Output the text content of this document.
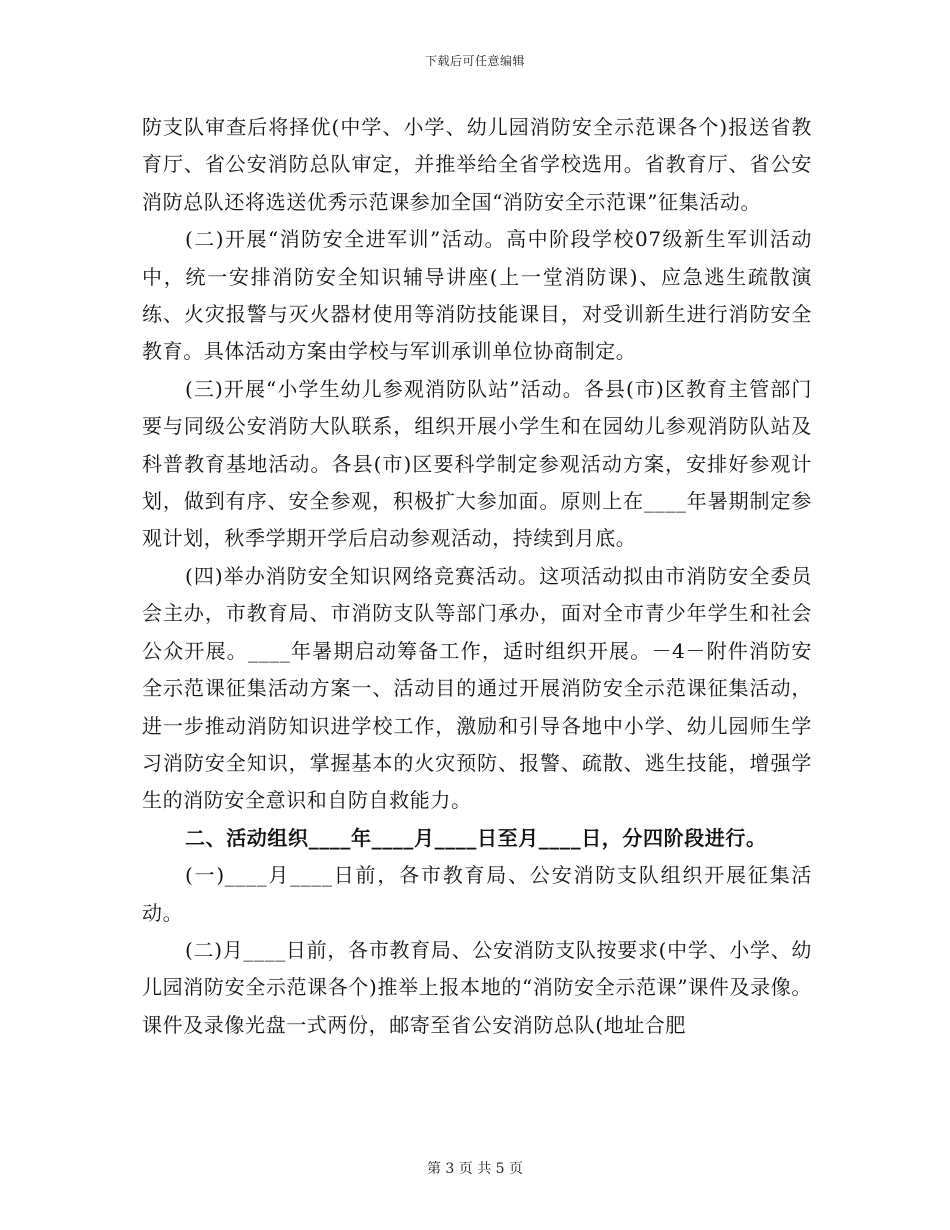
下载后可任意编辑

防支队审查后将择优(中学、小学、幼儿园消防安全示范课各个)报送省教育厅、省公安消防总队审定，并推举给全省学校选用。省教育厅、省公安消防总队还将选送优秀示范课参加全国“消防安全示范课”征集活动。

(二)开展“消防安全进军训”活动。高中阶段学校07级新生军训活动中，统一安排消防安全知识辅导讲座(上一堂消防课)、应急逃生疏散演练、火灾报警与灭火器材使用等消防技能课目，对受训新生进行消防安全教育。具体活动方案由学校与军训承训单位协商制定。

(三)开展“小学生幼儿参观消防队站”活动。各县(市)区教育主管部门要与同级公安消防大队联系，组织开展小学生和在园幼儿参观消防队站及科普教育基地活动。各县(市)区要科学制定参观活动方案，安排好参观计划，做到有序、安全参观，积极扩大参加面。原则上在____年暑期制定参观计划，秋季学期开学后启动参观活动，持续到月底。

(四)举办消防安全知识网络竞赛活动。这项活动拟由市消防安全委员会主办，市教育局、市消防支队等部门承办，面对全市青少年学生和社会公众开展。____年暑期启动筹备工作，适时组织开展。－4－附件消防安全示范课征集活动方案一、活动目的通过开展消防安全示范课征集活动，进一步推动消防知识进学校工作，激励和引导各地中小学、幼儿园师生学习消防安全知识，掌握基本的火灾预防、报警、疏散、逃生技能，增强学生的消防安全意识和自防自救能力。

二、活动组织____年____月____日至月____日，分四阶段进行。

(一)____月____日前，各市教育局、公安消防支队组织开展征集活动。

(二)月____日前，各市教育局、公安消防支队按要求(中学、小学、幼儿园消防安全示范课各个)推举上报本地的“消防安全示范课”课件及录像。课件及录像光盘一式两份，邮寄至省公安消防总队(地址合肥

第 3 页 共 5 页
